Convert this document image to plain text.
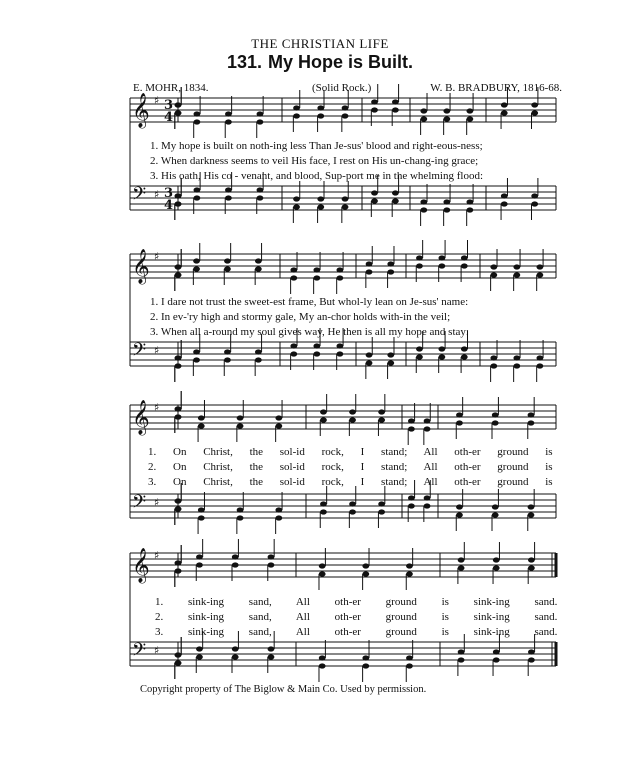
THE CHRISTIAN LIFE
131. My Hope is Built.
E. MOHR, 1834.	(Solid Rock.)	W. B. BRADBURY, 1816-68.
𝄞 ♯ 3
4
𝄢 ♯ 3
4
𝄞 ♯
𝄢 ♯
𝄞 ♯
𝄢 ♯
𝄞 ♯
𝄢 ♯
1. My hope is built on noth-ing less Than Je-sus' blood and right-eous-ness;
2. When darkness seems to veil His face, I rest on His un-chang-ing grace;
3. His oath, His co - venant, and blood, Sup-port me in the whelming flood:
1. I dare not trust the sweet-est frame, But whol-ly lean on Je-sus' name:
2. In ev-'ry high and stormy gale, My an-chor holds with-in the veil;
3. When all a-round my soul gives way, He then is all my hope and stay:
1. On Christ, the sol-id rock, I stand; All oth-er ground is
2. On Christ, the sol-id rock, I stand; All oth-er ground is
3. On Christ, the sol-id rock, I stand; All oth-er ground is
1. sink-ing sand, All oth-er ground is sink-ing sand.
2. sink-ing sand, All oth-er ground is sink-ing sand.
3. sink-ing sand, All oth-er ground is sink-ing sand.
Copyright property of The Biglow & Main Co. Used by permission.
